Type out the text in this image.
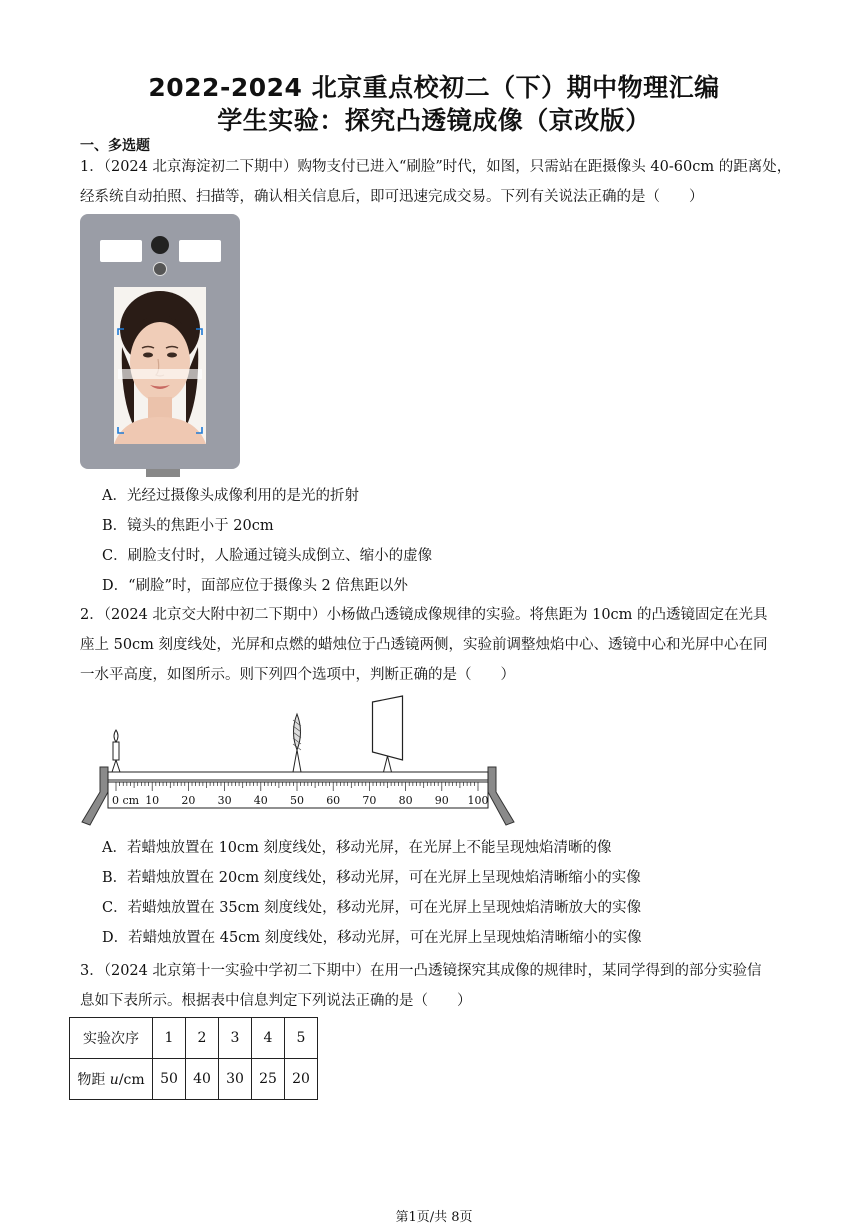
2022-2024 北京重点校初二（下）期中物理汇编
学生实验：探究凸透镜成像（京改版）
一、多选题
1．（2024 北京海淀初二下期中）购物支付已进入“刷脸”时代，如图，只需站在距摄像头 40-60cm 的距离处，
经系统自动拍照、扫描等，确认相关信息后，即可迅速完成交易。下列有关说法正确的是（　　）
A．光经过摄像头成像利用的是光的折射
B．镜头的焦距小于 20cm
C．刷脸支付时，人脸通过镜头成倒立、缩小的虚像
D．“刷脸”时，面部应位于摄像头 2 倍焦距以外
2．（2024 北京交大附中初二下期中）小杨做凸透镜成像规律的实验。将焦距为 10cm 的凸透镜固定在光具
座上 50cm 刻度线处，光屏和点燃的蜡烛位于凸透镜两侧，实验前调整烛焰中心、透镜中心和光屏中心在同
一水平高度，如图所示。则下列四个选项中，判断正确的是（　　）
0 cm 10 20 30 40 50 60 70 80 90 100
A．若蜡烛放置在 10cm 刻度线处，移动光屏，在光屏上不能呈现烛焰清晰的像
B．若蜡烛放置在 20cm 刻度线处，移动光屏，可在光屏上呈现烛焰清晰缩小的实像
C．若蜡烛放置在 35cm 刻度线处，移动光屏，可在光屏上呈现烛焰清晰放大的实像
D．若蜡烛放置在 45cm 刻度线处，移动光屏，可在光屏上呈现烛焰清晰缩小的实像
3．（2024 北京第十一实验中学初二下期中）在用一凸透镜探究其成像的规律时，某同学得到的部分实验信
息如下表所示。根据表中信息判定下列说法正确的是（　　）
实验次序	1	2	3	4	5
物距 u/cm	50	40	30	25	20
第1页/共 8页
